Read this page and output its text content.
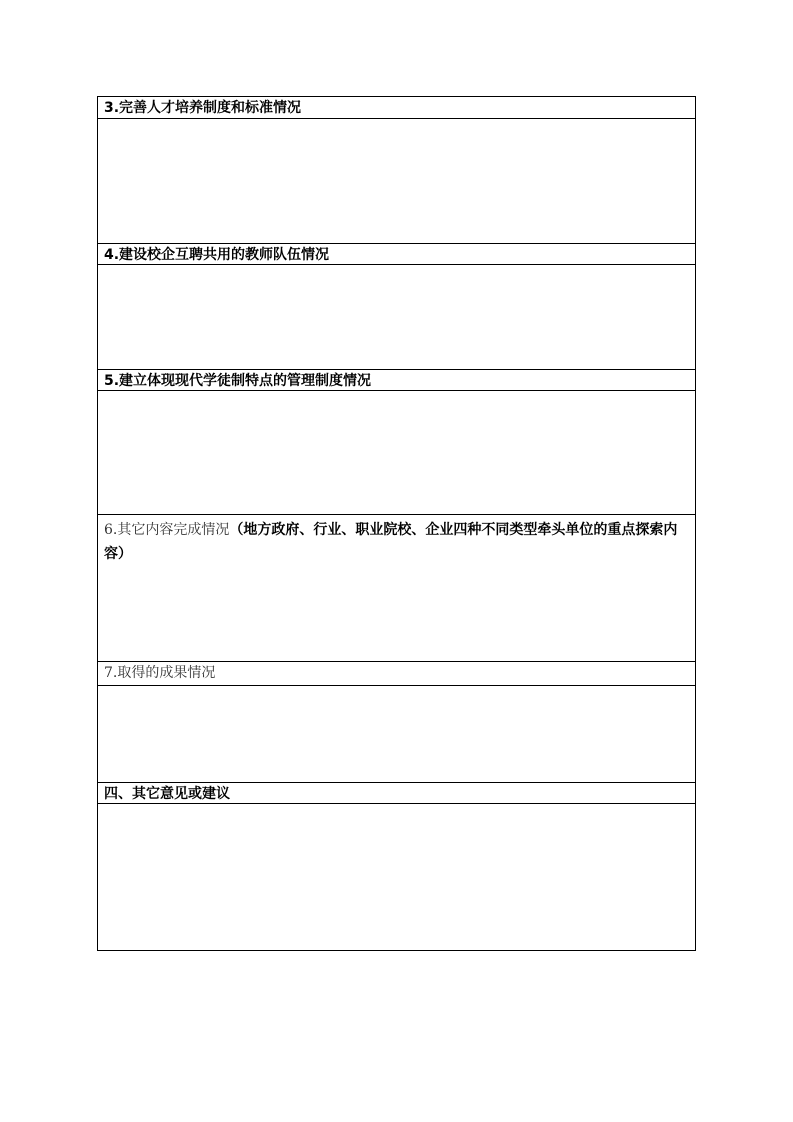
3.完善人才培养制度和标准情况
4.建设校企互聘共用的教师队伍情况
5.建立体现现代学徒制特点的管理制度情况
6.其它内容完成情况（地方政府、行业、职业院校、企业四种不同类型牵头单位的重点探索内容）
7.取得的成果情况
四、其它意见或建议
